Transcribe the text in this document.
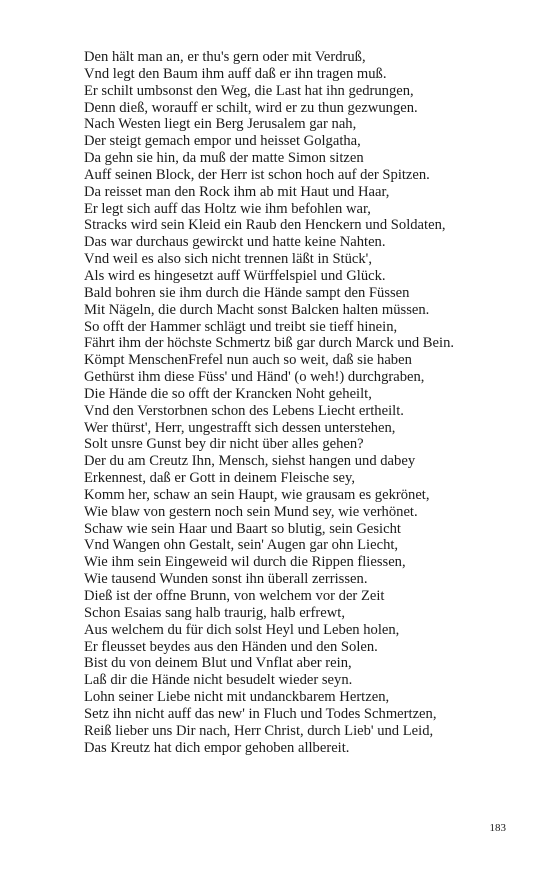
Den hält man an, er thu's gern oder mit Verdruß,
Vnd legt den Baum ihm auff daß er ihn tragen muß.
Er schilt umbsonst den Weg, die Last hat ihn gedrungen,
Denn dieß, worauff er schilt, wird er zu thun gezwungen.
Nach Westen liegt ein Berg Jerusalem gar nah,
Der steigt gemach empor und heisset Golgatha,
Da gehn sie hin, da muß der matte Simon sitzen
Auff seinen Block, der Herr ist schon hoch auf der Spitzen.
Da reisset man den Rock ihm ab mit Haut und Haar,
Er legt sich auff das Holtz wie ihm befohlen war,
Stracks wird sein Kleid ein Raub den Henckern und Soldaten,
Das war durchaus gewirckt und hatte keine Nahten.
Vnd weil es also sich nicht trennen läßt in Stück',
Als wird es hingesetzt auff Würffelspiel und Glück.
Bald bohren sie ihm durch die Hände sampt den Füssen
Mit Nägeln, die durch Macht sonst Balcken halten müssen.
So offt der Hammer schlägt und treibt sie tieff hinein,
Fährt ihm der höchste Schmertz biß gar durch Marck und Bein.
Kömpt MenschenFrefel nun auch so weit, daß sie haben
Gethürst ihm diese Füss' und Händ' (o weh!) durchgraben,
Die Hände die so offt der Krancken Noht geheilt,
Vnd den Verstorbnen schon des Lebens Liecht ertheilt.
Wer thürst', Herr, ungestrafft sich dessen unterstehen,
Solt unsre Gunst bey dir nicht über alles gehen?
Der du am Creutz Ihn, Mensch, siehst hangen und dabey
Erkennest, daß er Gott in deinem Fleische sey,
Komm her, schaw an sein Haupt, wie grausam es gekrönet,
Wie blaw von gestern noch sein Mund sey, wie verhönet.
Schaw wie sein Haar und Baart so blutig, sein Gesicht
Vnd Wangen ohn Gestalt, sein' Augen gar ohn Liecht,
Wie ihm sein Eingeweid wil durch die Rippen fliessen,
Wie tausend Wunden sonst ihn überall zerrissen.
Dieß ist der offne Brunn, von welchem vor der Zeit
Schon Esaias sang halb traurig, halb erfrewt,
Aus welchem du für dich solst Heyl und Leben holen,
Er fleusset beydes aus den Händen und den Solen.
Bist du von deinem Blut und Vnflat aber rein,
Laß dir die Hände nicht besudelt wieder seyn.
Lohn seiner Liebe nicht mit undanckbarem Hertzen,
Setz ihn nicht auff das new' in Fluch und Todes Schmertzen,
Reiß lieber uns Dir nach, Herr Christ, durch Lieb' und Leid,
Das Kreutz hat dich empor gehoben allbereit.
183
